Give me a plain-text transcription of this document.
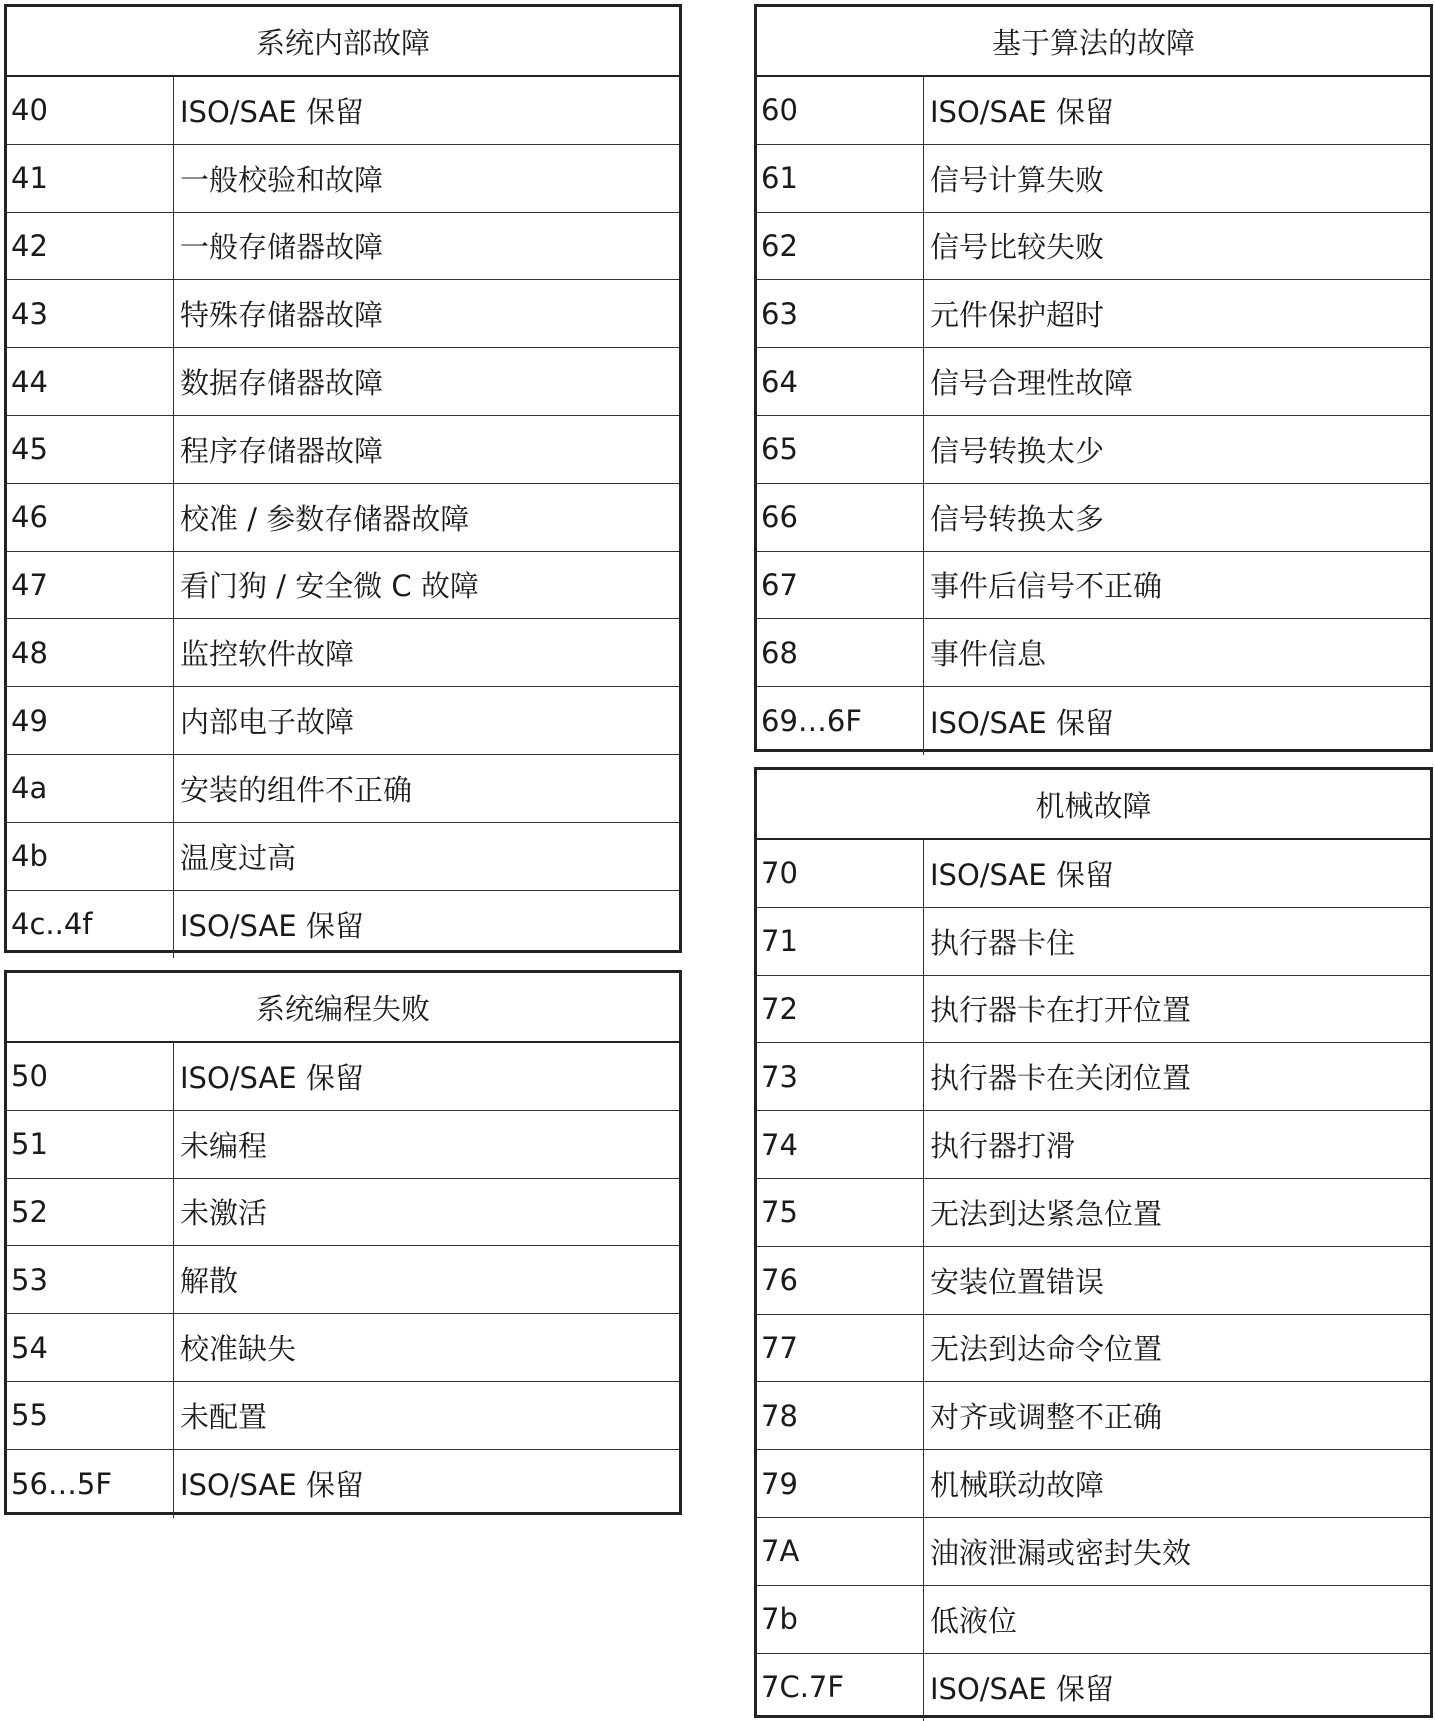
系统内部故障
40	ISO/SAE 保留
41	一般校验和故障
42	一般存储器故障
43	特殊存储器故障
44	数据存储器故障
45	程序存储器故障
46	校准 / 参数存储器故障
47	看门狗 / 安全微 C 故障
48	监控软件故障
49	内部电子故障
4a	安装的组件不正确
4b	温度过高
4c..4f	ISO/SAE 保留
系统编程失败
50	ISO/SAE 保留
51	未编程
52	未激活
53	解散
54	校准缺失
55	未配置
56…5F	ISO/SAE 保留
基于算法的故障
60	ISO/SAE 保留
61	信号计算失败
62	信号比较失败
63	元件保护超时
64	信号合理性故障
65	信号转换太少
66	信号转换太多
67	事件后信号不正确
68	事件信息
69…6F	ISO/SAE 保留
机械故障
70	ISO/SAE 保留
71	执行器卡住
72	执行器卡在打开位置
73	执行器卡在关闭位置
74	执行器打滑
75	无法到达紧急位置
76	安装位置错误
77	无法到达命令位置
78	对齐或调整不正确
79	机械联动故障
7A	油液泄漏或密封失效
7b	低液位
7C.7F	ISO/SAE 保留
